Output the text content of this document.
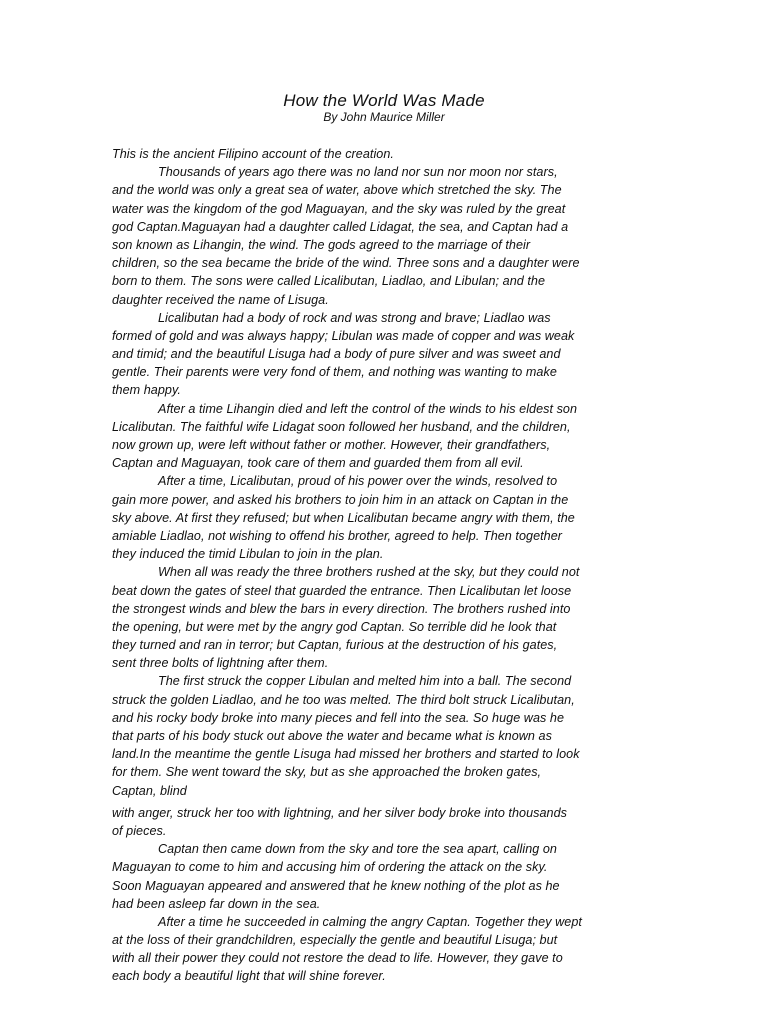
How the World Was Made
By John Maurice Miller
This is the ancient Filipino account of the creation.
Thousands of years ago there was no land nor sun nor moon nor stars,
and the world was only a great sea of water, above which stretched the sky. The
water was the kingdom of the god Maguayan, and the sky was ruled by the great
god Captan.Maguayan had a daughter called Lidagat, the sea, and Captan had a
son known as Lihangin, the wind. The gods agreed to the marriage of their
children, so the sea became the bride of the wind. Three sons and a daughter were
born to them. The sons were called Licalibutan, Liadlao, and Libulan; and the
daughter received the name of Lisuga.
Licalibutan had a body of rock and was strong and brave; Liadlao was
formed of gold and was always happy; Libulan was made of copper and was weak
and timid; and the beautiful Lisuga had a body of pure silver and was sweet and
gentle. Their parents were very fond of them, and nothing was wanting to make
them happy.
After a time Lihangin died and left the control of the winds to his eldest son
Licalibutan. The faithful wife Lidagat soon followed her husband, and the children,
now grown up, were left without father or mother. However, their grandfathers,
Captan and Maguayan, took care of them and guarded them from all evil.
After a time, Licalibutan, proud of his power over the winds, resolved to
gain more power, and asked his brothers to join him in an attack on Captan in the
sky above. At first they refused; but when Licalibutan became angry with them, the
amiable Liadlao, not wishing to offend his brother, agreed to help. Then together
they induced the timid Libulan to join in the plan.
When all was ready the three brothers rushed at the sky, but they could not
beat down the gates of steel that guarded the entrance. Then Licalibutan let loose
the strongest winds and blew the bars in every direction. The brothers rushed into
the opening, but were met by the angry god Captan. So terrible did he look that
they turned and ran in terror; but Captan, furious at the destruction of his gates,
sent three bolts of lightning after them.
The first struck the copper Libulan and melted him into a ball. The second
struck the golden Liadlao, and he too was melted. The third bolt struck Licalibutan,
and his rocky body broke into many pieces and fell into the sea. So huge was he
that parts of his body stuck out above the water and became what is known as
land.In the meantime the gentle Lisuga had missed her brothers and started to look
for them. She went toward the sky, but as she approached the broken gates,
Captan, blind
with anger, struck her too with lightning, and her silver body broke into thousands
of pieces.
Captan then came down from the sky and tore the sea apart, calling on
Maguayan to come to him and accusing him of ordering the attack on the sky.
Soon Maguayan appeared and answered that he knew nothing of the plot as he
had been asleep far down in the sea.
After a time he succeeded in calming the angry Captan. Together they wept
at the loss of their grandchildren, especially the gentle and beautiful Lisuga; but
with all their power they could not restore the dead to life. However, they gave to
each body a beautiful light that will shine forever.
